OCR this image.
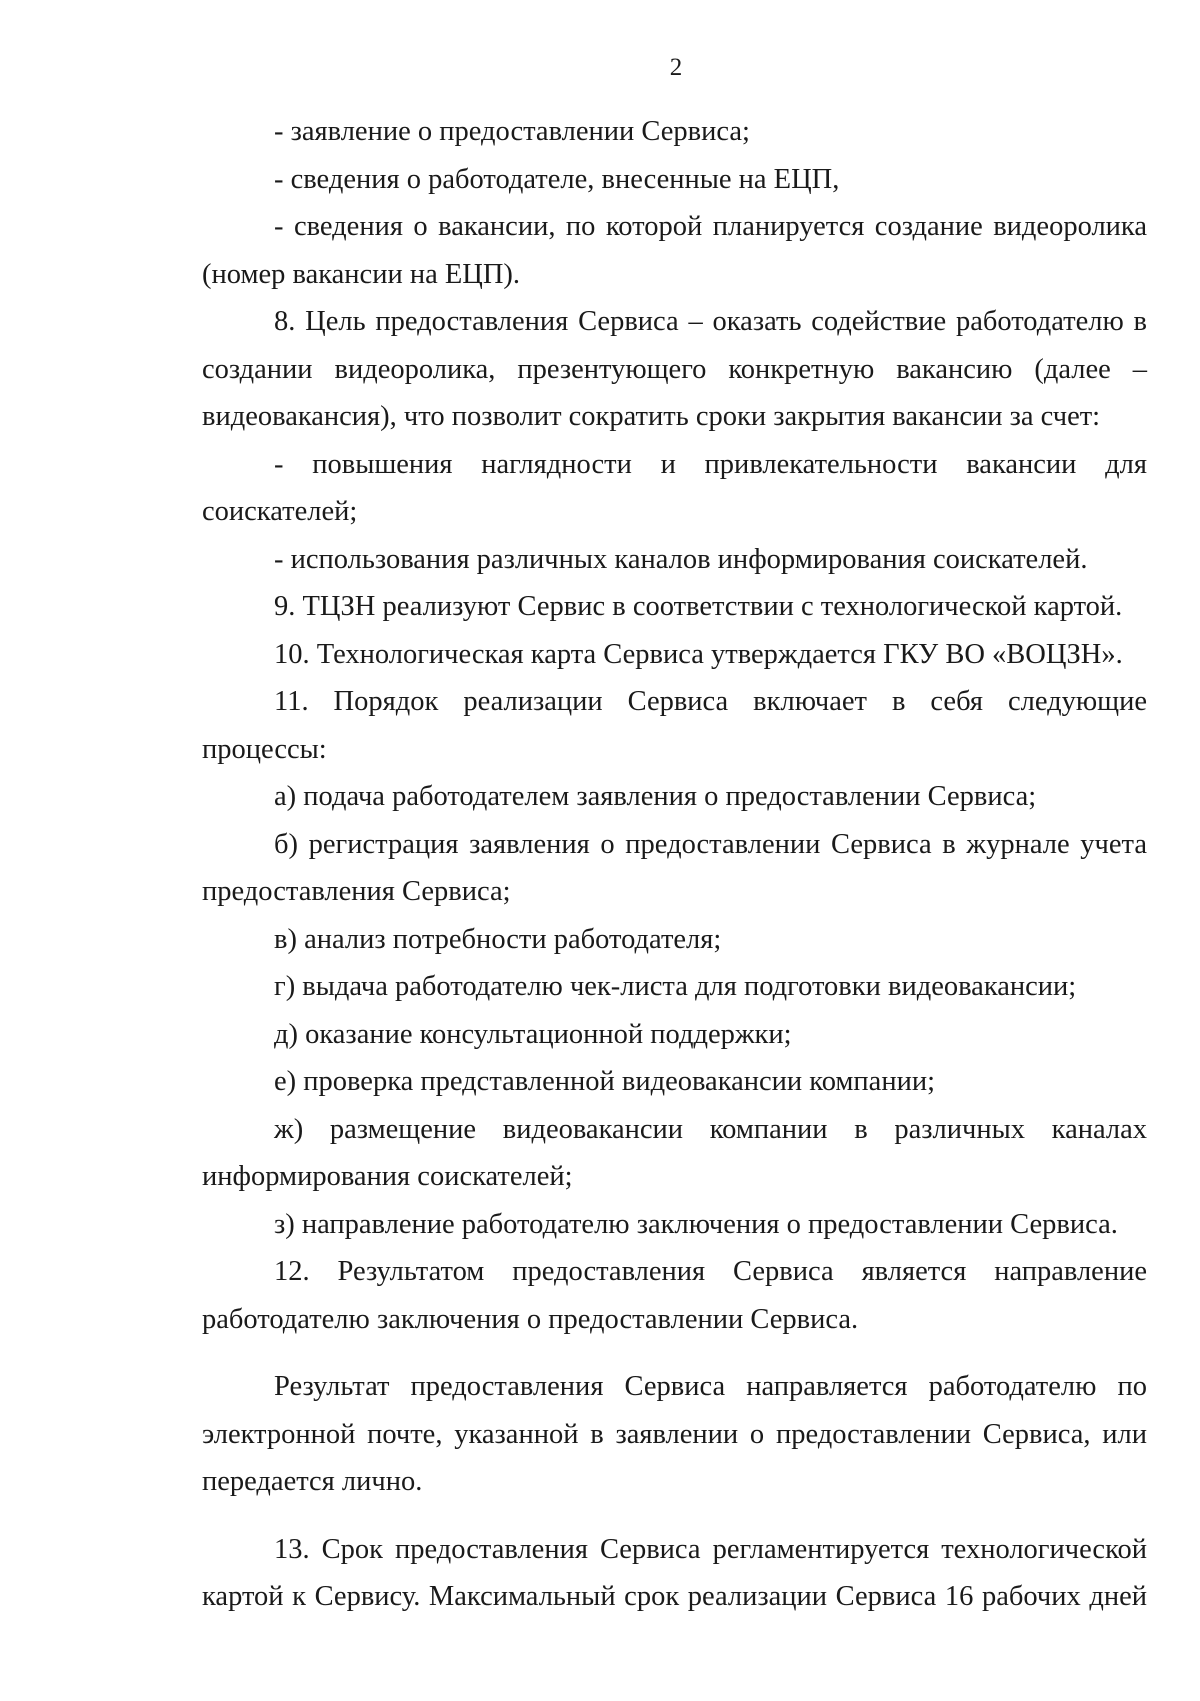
2

- заявление о предоставлении Сервиса;

- сведения о работодателе, внесенные на ЕЦП,

- сведения о вакансии, по которой планируется создание видеоролика (номер вакансии на ЕЦП).

8. Цель предоставления Сервиса – оказать содействие работодателю в создании видеоролика, презентующего конкретную вакансию (далее – видеовакансия), что позволит сократить сроки закрытия вакансии за счет:

- повышения наглядности и привлекательности вакансии для соискателей;

- использования различных каналов информирования соискателей.

9. ТЦЗН реализуют Сервис в соответствии с технологической картой.

10. Технологическая карта Сервиса утверждается ГКУ ВО «ВОЦЗН».

11. Порядок реализации Сервиса включает в себя следующие процессы:

а) подача работодателем заявления о предоставлении Сервиса;

б) регистрация заявления о предоставлении Сервиса в журнале учета предоставления Сервиса;

в) анализ потребности работодателя;

г) выдача работодателю чек-листа для подготовки видеовакансии;

д) оказание консультационной поддержки;

е) проверка представленной видеовакансии компании;

ж) размещение видеовакансии компании в различных каналах информирования соискателей;

з) направление работодателю заключения о предоставлении Сервиса.

12. Результатом предоставления Сервиса является направление работодателю заключения о предоставлении Сервиса.

Результат предоставления Сервиса направляется работодателю по электронной почте, указанной в заявлении о предоставлении Сервиса, или передается лично.

13. Срок предоставления Сервиса регламентируется технологической картой к Сервису. Максимальный срок реализации Сервиса 16 рабочих дней
